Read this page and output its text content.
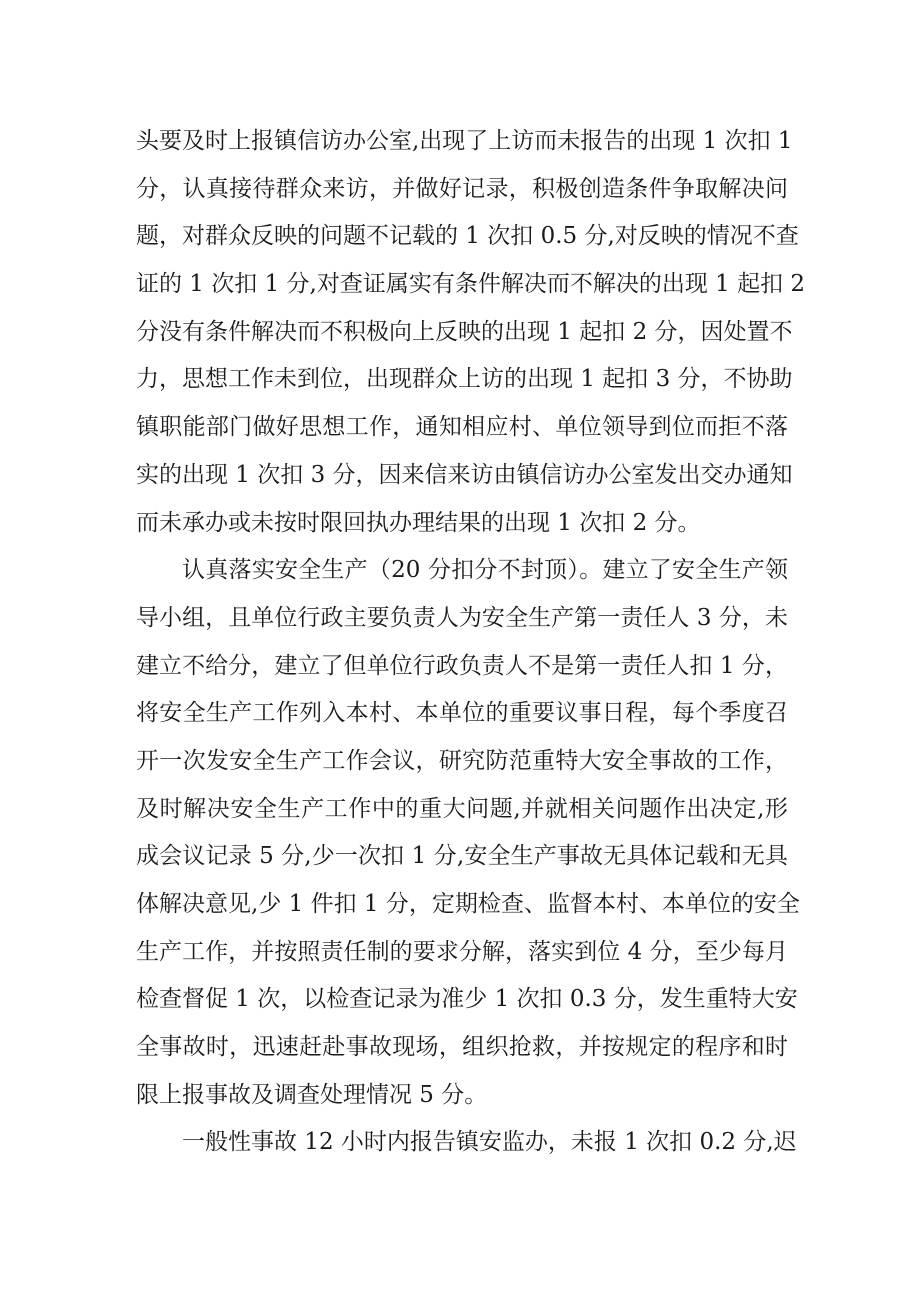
头要及时上报镇信访办公室,出现了上访而未报告的出现 1 次扣 1
分，认真接待群众来访，并做好记录，积极创造条件争取解决问
题，对群众反映的问题不记载的 1 次扣 0.5 分,对反映的情况不查
证的 1 次扣 1 分,对查证属实有条件解决而不解决的出现 1 起扣 2
分没有条件解决而不积极向上反映的出现 1 起扣 2 分，因处置不
力，思想工作未到位，出现群众上访的出现 1 起扣 3 分，不协助
镇职能部门做好思想工作，通知相应村、单位领导到位而拒不落
实的出现 1 次扣 3 分，因来信来访由镇信访办公室发出交办通知
而未承办或未按时限回执办理结果的出现 1 次扣 2 分。
认真落实安全生产（20 分扣分不封顶）。建立了安全生产领
导小组，且单位行政主要负责人为安全生产第一责任人 3 分，未
建立不给分，建立了但单位行政负责人不是第一责任人扣 1 分，
将安全生产工作列入本村、本单位的重要议事日程，每个季度召
开一次发安全生产工作会议，研究防范重特大安全事故的工作，
及时解决安全生产工作中的重大问题,并就相关问题作出决定,形
成会议记录 5 分,少一次扣 1 分,安全生产事故无具体记载和无具
体解决意见,少 1 件扣 1 分，定期检查、监督本村、本单位的安全
生产工作，并按照责任制的要求分解，落实到位 4 分，至少每月
检查督促 1 次，以检查记录为准少 1 次扣 0.3 分，发生重特大安
全事故时，迅速赶赴事故现场，组织抢救，并按规定的程序和时
限上报事故及调查处理情况 5 分。
一般性事故 12 小时内报告镇安监办，未报 1 次扣 0.2 分,迟
